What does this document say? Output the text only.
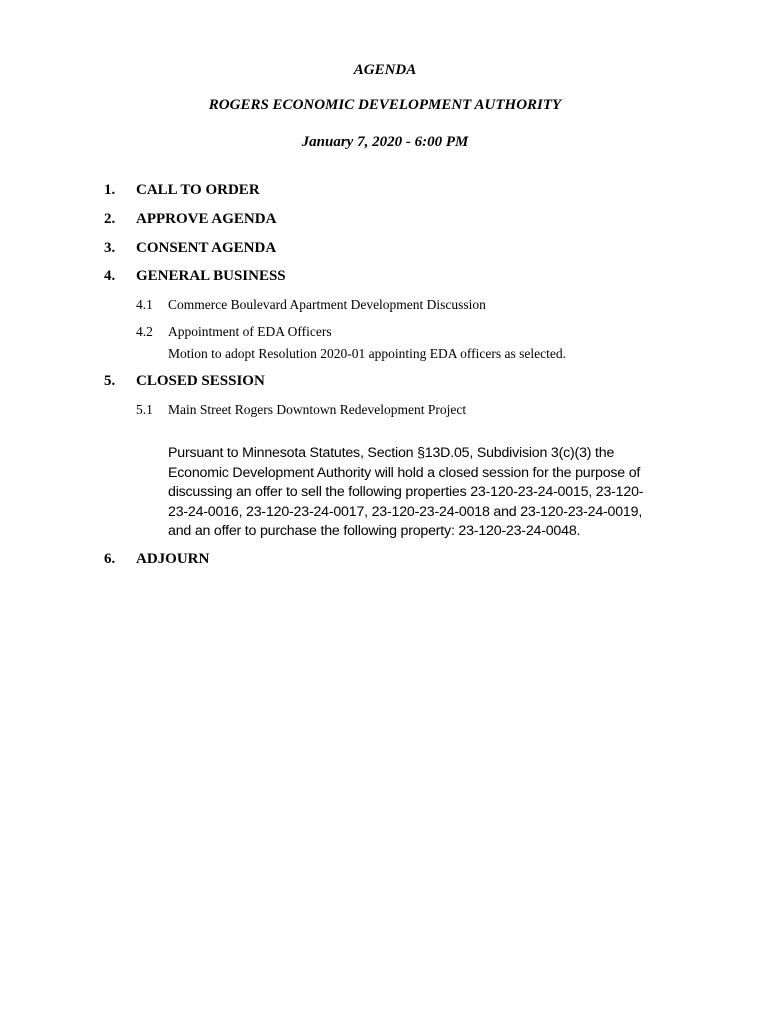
AGENDA
ROGERS ECONOMIC DEVELOPMENT AUTHORITY
January 7, 2020 - 6:00 PM
1. CALL TO ORDER
2. APPROVE AGENDA
3. CONSENT AGENDA
4. GENERAL BUSINESS
4.1 Commerce Boulevard Apartment Development Discussion
4.2 Appointment of EDA Officers
Motion to adopt Resolution 2020-01 appointing EDA officers as selected.
5. CLOSED SESSION
5.1 Main Street Rogers Downtown Redevelopment Project
Pursuant to Minnesota Statutes, Section §13D.05, Subdivision 3(c)(3) the
Economic Development Authority will hold a closed session for the purpose of
discussing an offer to sell the following properties 23-120-23-24-0015, 23-120-
23-24-0016, 23-120-23-24-0017, 23-120-23-24-0018 and 23-120-23-24-0019,
and an offer to purchase the following property: 23-120-23-24-0048.
6. ADJOURN
